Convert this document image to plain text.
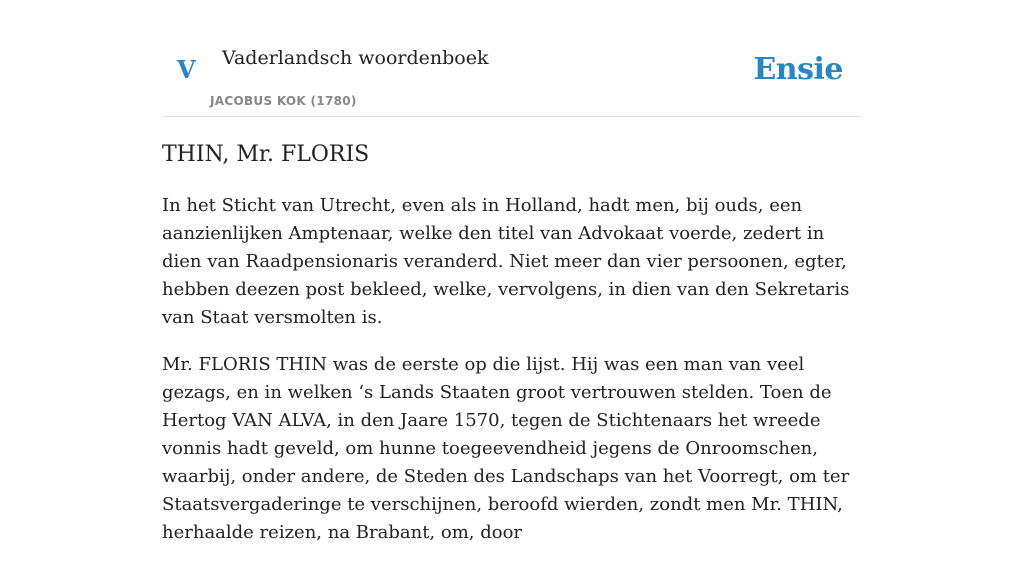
V Vaderlandsch woordenboek
JACOBUS KOK (1780)
Ensie
THIN, Mr. FLORIS

In het Sticht van Utrecht, even als in Holland, hadt men, bij ouds, een aanzienlijken Amptenaar, welke den titel van Advokaat voerde, zedert in dien van Raadpensionaris veranderd. Niet meer dan vier persoonen, egter, hebben deezen post bekleed, welke, vervolgens, in dien van den Sekretaris van Staat versmolten is.

Mr. FLORIS THIN was de eerste op die lijst. Hij was een man van veel gezags, en in welken ‘s Lands Staaten groot vertrouwen stelden. Toen de Hertog VAN ALVA, in den Jaare 1570, tegen de Stichtenaars het wreede vonnis hadt geveld, om hunne toegeevendheid jegens de Onroomschen, waarbij, onder andere, de Steden des Landschaps van het Voorregt, om ter Staatsvergaderinge te verschijnen, beroofd wierden, zondt men Mr. THIN, herhaalde reizen, na Brabant, om, door
